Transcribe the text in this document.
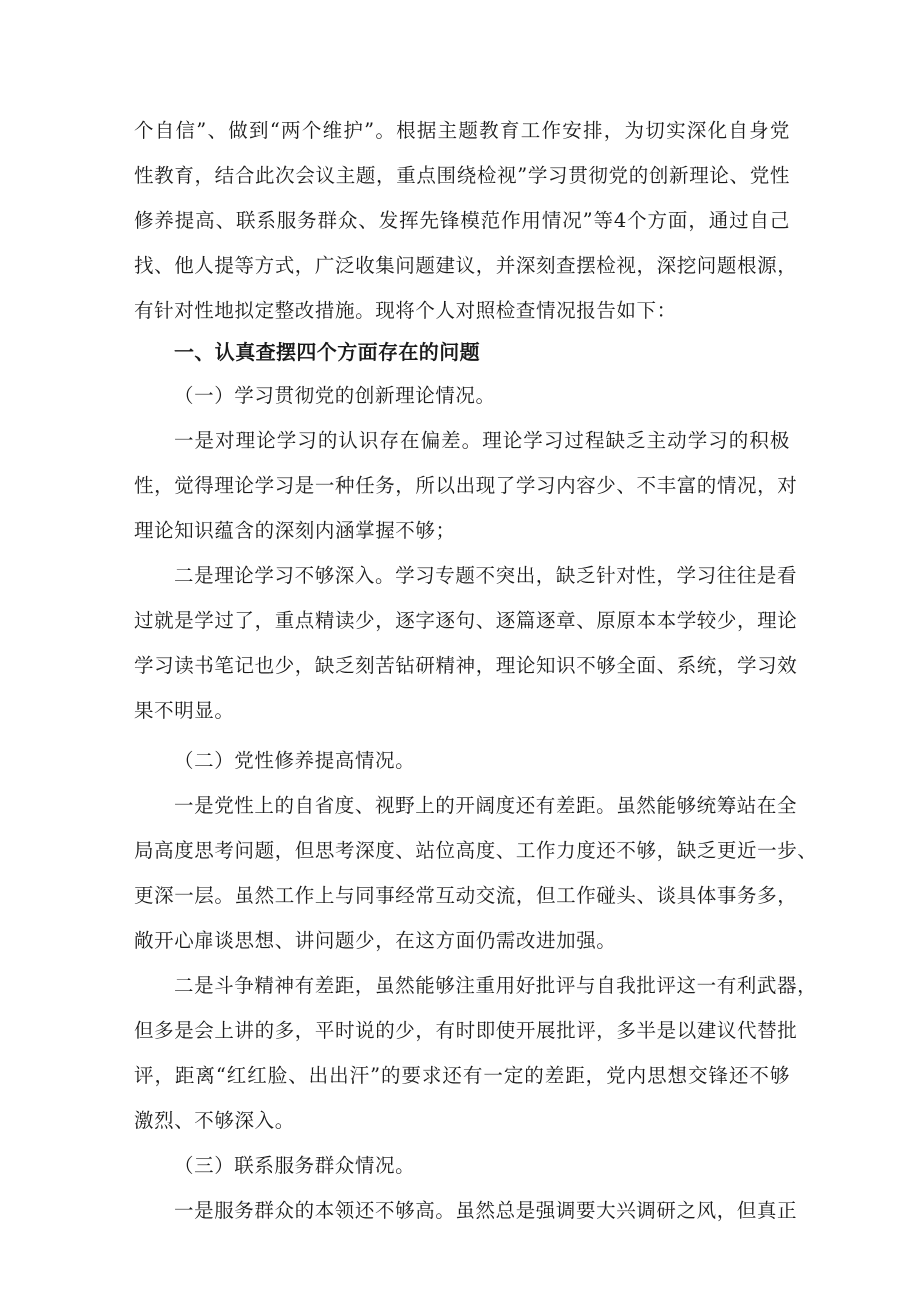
个自信”、做到“两个维护”。根据主题教育工作安排，为切实深化自身党
性教育，结合此次会议主题，重点围绕检视”学习贯彻党的创新理论、党性
修养提高、联系服务群众、发挥先锋模范作用情况”等4个方面，通过自己
找、他人提等方式，广泛收集问题建议，并深刻查摆检视，深挖问题根源，
有针对性地拟定整改措施。现将个人对照检查情况报告如下：
一、认真查摆四个方面存在的问题
（一）学习贯彻党的创新理论情况。
一是对理论学习的认识存在偏差。理论学习过程缺乏主动学习的积极
性，觉得理论学习是一种任务，所以出现了学习内容少、不丰富的情况，对
理论知识蕴含的深刻内涵掌握不够；
二是理论学习不够深入。学习专题不突出，缺乏针对性，学习往往是看
过就是学过了，重点精读少，逐字逐句、逐篇逐章、原原本本学较少，理论
学习读书笔记也少，缺乏刻苦钻研精神，理论知识不够全面、系统，学习效
果不明显。
（二）党性修养提高情况。
一是党性上的自省度、视野上的开阔度还有差距。虽然能够统筹站在全
局高度思考问题，但思考深度、站位高度、工作力度还不够，缺乏更近一步、
更深一层。虽然工作上与同事经常互动交流，但工作碰头、谈具体事务多，
敞开心扉谈思想、讲问题少，在这方面仍需改进加强。
二是斗争精神有差距，虽然能够注重用好批评与自我批评这一有利武器，
但多是会上讲的多，平时说的少，有时即使开展批评，多半是以建议代替批
评，距离“红红脸、出出汗”的要求还有一定的差距，党内思想交锋还不够
激烈、不够深入。
（三）联系服务群众情况。
一是服务群众的本领还不够高。虽然总是强调要大兴调研之风，但真正
